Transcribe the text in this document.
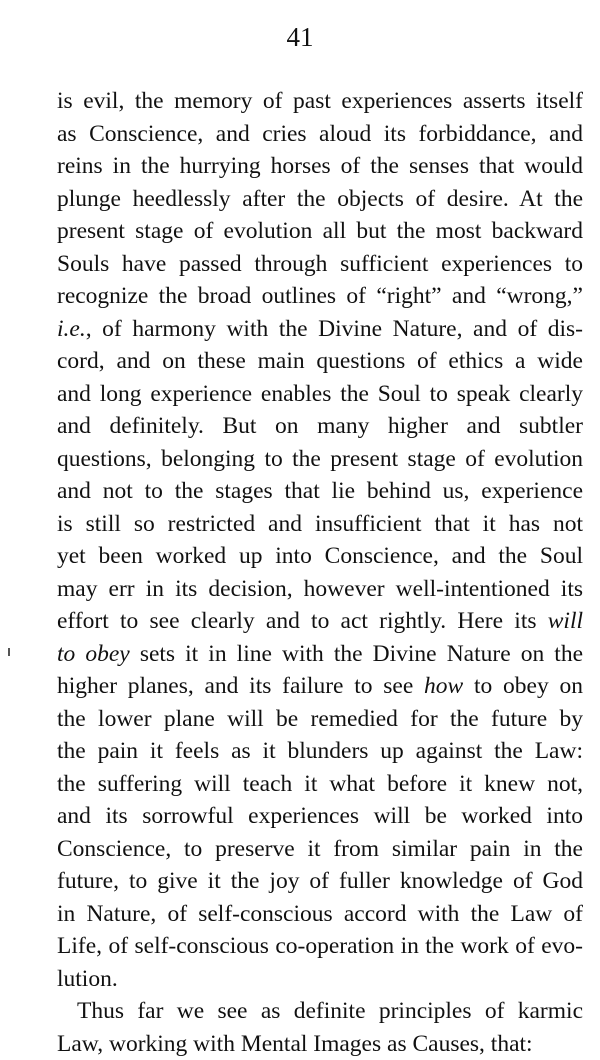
41
is evil, the memory of past experiences asserts itself
as Conscience, and cries aloud its forbiddance, and
reins in the hurrying horses of the senses that would
plunge heedlessly after the objects of desire. At the
present stage of evolution all but the most backward
Souls have passed through sufficient experiences to
recognize the broad outlines of “right” and “wrong,”
i.e., of harmony with the Divine Nature, and of dis-
cord, and on these main questions of ethics a wide
and long experience enables the Soul to speak clearly
and definitely. But on many higher and subtler
questions, belonging to the present stage of evolution
and not to the stages that lie behind us, experience
is still so restricted and insufficient that it has not
yet been worked up into Conscience, and the Soul
may err in its decision, however well-intentioned its
effort to see clearly and to act rightly. Here its will
to obey sets it in line with the Divine Nature on the
higher planes, and its failure to see how to obey on
the lower plane will be remedied for the future by
the pain it feels as it blunders up against the Law:
the suffering will teach it what before it knew not,
and its sorrowful experiences will be worked into
Conscience, to preserve it from similar pain in the
future, to give it the joy of fuller knowledge of God
in Nature, of self-conscious accord with the Law of
Life, of self-conscious co-operation in the work of evo-
lution.
Thus far we see as definite principles of karmic
Law, working with Mental Images as Causes, that:
